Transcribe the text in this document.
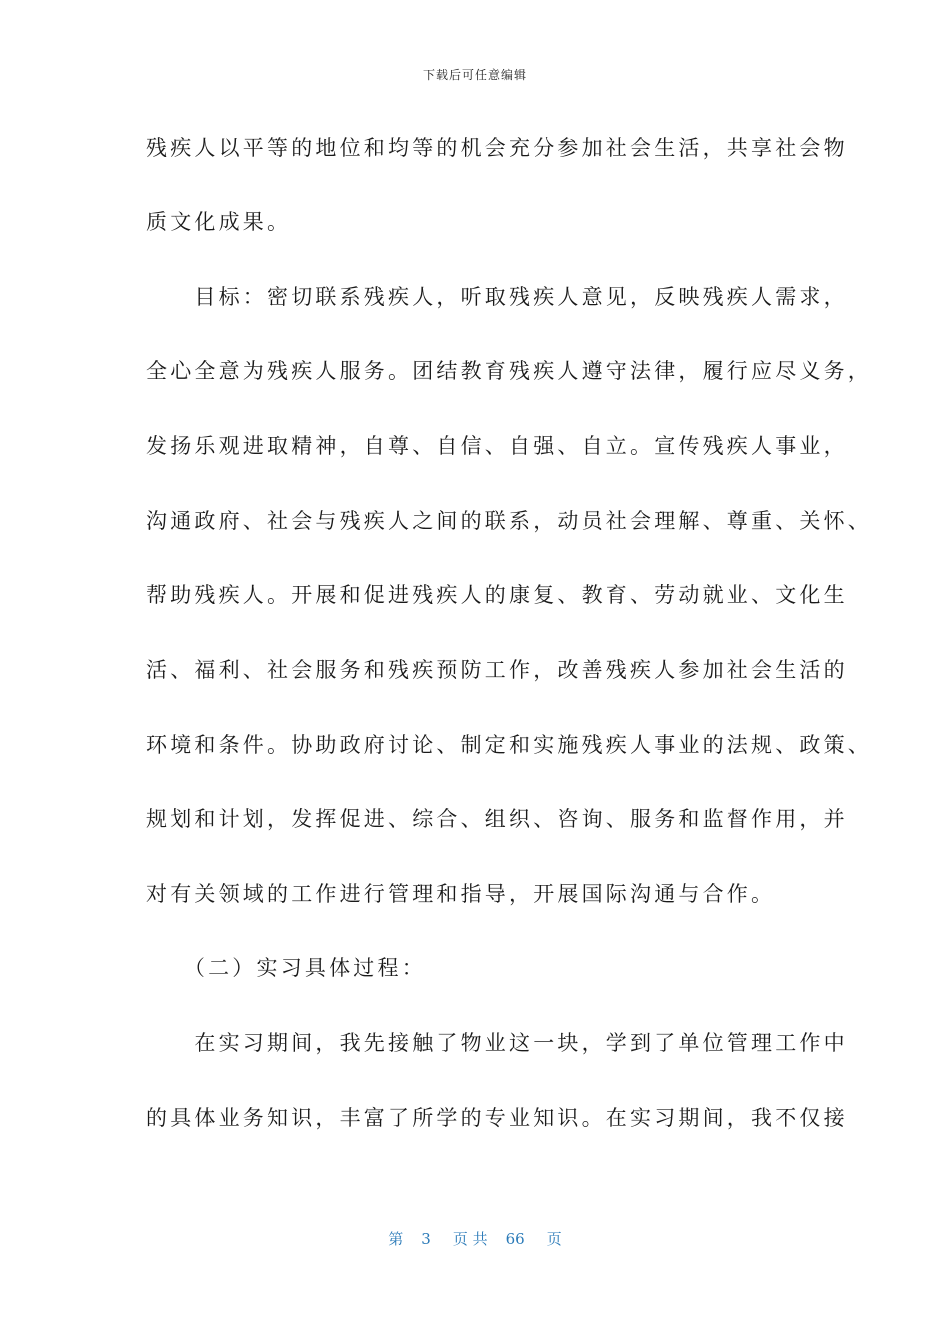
下载后可任意编辑
残疾人以平等的地位和均等的机会充分参加社会生活，共享社会物
质文化成果。
　　目标：密切联系残疾人，听取残疾人意见，反映残疾人需求，
全心全意为残疾人服务。团结教育残疾人遵守法律，履行应尽义务，
发扬乐观进取精神，自尊、自信、自强、自立。宣传残疾人事业，
沟通政府、社会与残疾人之间的联系，动员社会理解、尊重、关怀、
帮助残疾人。开展和促进残疾人的康复、教育、劳动就业、文化生
活、福利、社会服务和残疾预防工作，改善残疾人参加社会生活的
环境和条件。协助政府讨论、制定和实施残疾人事业的法规、政策、
规划和计划，发挥促进、综合、组织、咨询、服务和监督作用，并
对有关领域的工作进行管理和指导，开展国际沟通与合作。
　　（二）实习具体过程：
　　在实习期间，我先接触了物业这一块，学到了单位管理工作中
的具体业务知识，丰富了所学的专业知识。在实习期间，我不仅接
第 3 页 共 66 页
